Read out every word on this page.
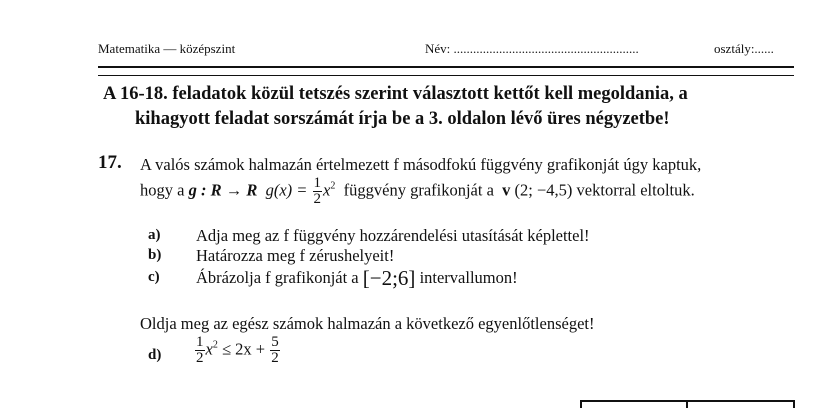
Matematika — középszint	Név: .........................................................	osztály:......
A 16-18. feladatok közül tetszés szerint választott kettőt kell megoldania, a
kihagyott feladat sorszámát írja be a 3. oldalon lévő üres négyzetbe!
17. A valós számok halmazán értelmezett f másodfokú függvény grafikonját úgy kaptuk,
hogy a g : R → R $g(x) = \frac{1}{2} x^2$ függvény grafikonját a v (2; −4,5) vektorral eltoltuk.
a) Adja meg az f függvény hozzárendelési utasítását képlettel!
b) Határozza meg f zérushelyeit!
c) Ábrázolja f grafikonját a [−2;6] intervallumon!
Oldja meg az egész számok halmazán a következő egyenlőtlenséget!
$d) \frac{1}{2} x^2 \le 2x + \frac{5}{2}$
